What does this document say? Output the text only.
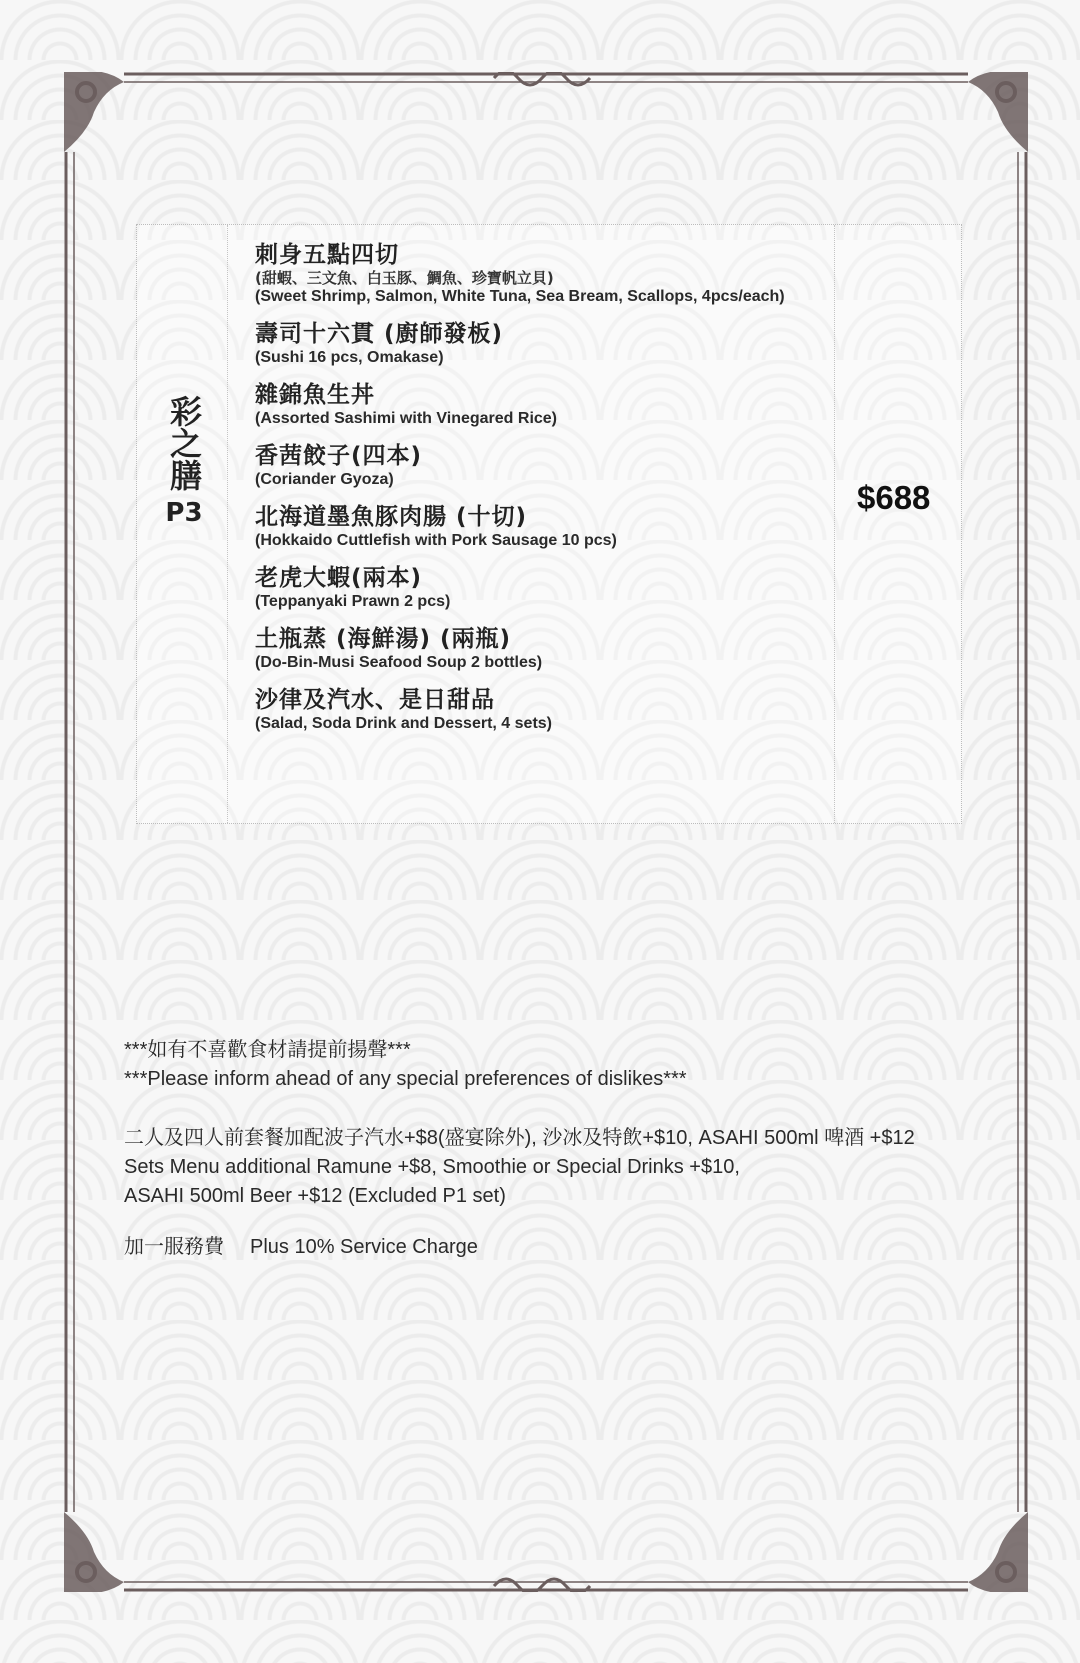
彩之膳
P3
刺身五點四切
(甜蝦、三文魚、白玉豚、鯛魚、珍寶帆立貝)
(Sweet Shrimp, Salmon, White Tuna, Sea Bream, Scallops, 4pcs/each)
壽司十六貫 (廚師發板)
(Sushi 16 pcs, Omakase)
雜錦魚生丼
(Assorted Sashimi with Vinegared Rice)
香茜餃子(四本)
(Coriander Gyoza)
北海道墨魚豚肉腸 (十切)
(Hokkaido Cuttlefish with Pork Sausage 10 pcs)
老虎大蝦(兩本)
(Teppanyaki Prawn 2 pcs)
土瓶蒸 (海鮮湯) (兩瓶)
(Do-Bin-Musi Seafood Soup 2 bottles)
沙律及汽水、是日甜品
(Salad, Soda Drink and Dessert, 4 sets)
$688
***如有不喜歡食材請提前揚聲***
***Please inform ahead of any special preferences of dislikes***
二人及四人前套餐加配波子汽水+$8(盛宴除外), 沙冰及特飲+$10, ASAHI 500ml 啤酒 +$12
Sets Menu additional Ramune +$8, Smoothie or Special Drinks +$10,
ASAHI 500ml Beer +$12 (Excluded P1 set)
加一服務費 Plus 10% Service Charge
